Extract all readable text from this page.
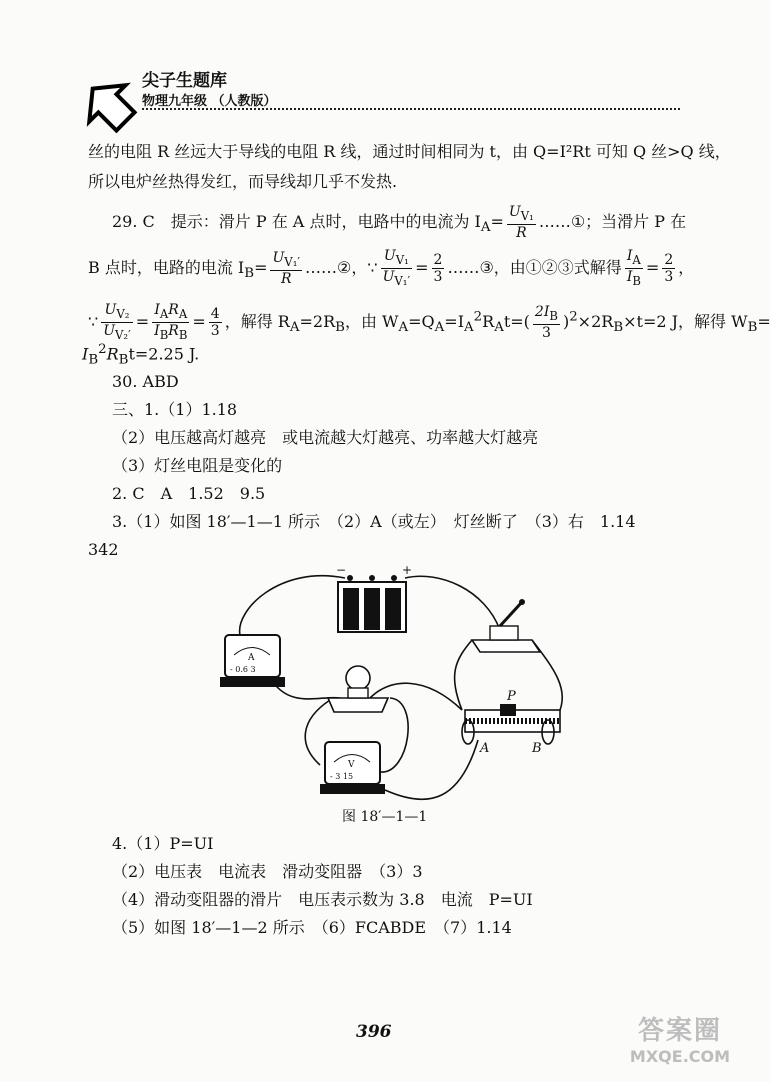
尖子生题库
物理九年级 （人教版）
丝的电阻 R 丝远大于导线的电阻 R 线，通过时间相同为 t，由 Q=I²Rt 可知 Q 丝>Q 线，
所以电炉丝热得发红，而导线却几乎不发热.
29. C　提示：滑片 P 在 A 点时，电路中的电流为 $I_A= \frac{U_{V_1}}{R}$ ……①；当滑片 P 在
B 点时，电路的电流 $I_B= \frac{U_{V_1'}}{R}$ ……②，∵ $\frac{U_{V_1}}{U_{V_1'}} = \frac{2}{3}$ ……③，由①②③式解得 $\frac{I_A}{I_B} = \frac{2}{3}$ ，
∵ $\frac{U_{V_2}}{U_{V_2'}} = \frac{I_AR_A}{I_BR_B} = \frac{4}{3}$ ，解得 $R_A=2R_B$，由 $W_A=Q_A=I_A^2R_At=( \frac{2I_B}{3} )^2\times 2R_B\times t=2$ J，解得 $W_B=$
$I_B^2R_Bt=2.25$ J.
30. ABD
三、1.（1）1.18
（2）电压越高灯越亮　或电流越大灯越亮、功率越大灯越亮
（3）灯丝电阻是变化的
2. C　A　1.52　9.5
3.（1）如图 18′—1—1 所示　（2）A（或左）　灯丝断了　（3）右　1.14
342
−	+
A
- 0.6 3
V
- 3 15
P
A	B
图 18′—1—1
4.（1）P=UI
（2）电压表　电流表　滑动变阻器　（3）3
（4）滑动变阻器的滑片　电压表示数为 3.8　电流　P=UI
（5）如图 18′—1—2 所示　（6）FCABDE　（7）1.14
396	答案圈
MXQE.COM
